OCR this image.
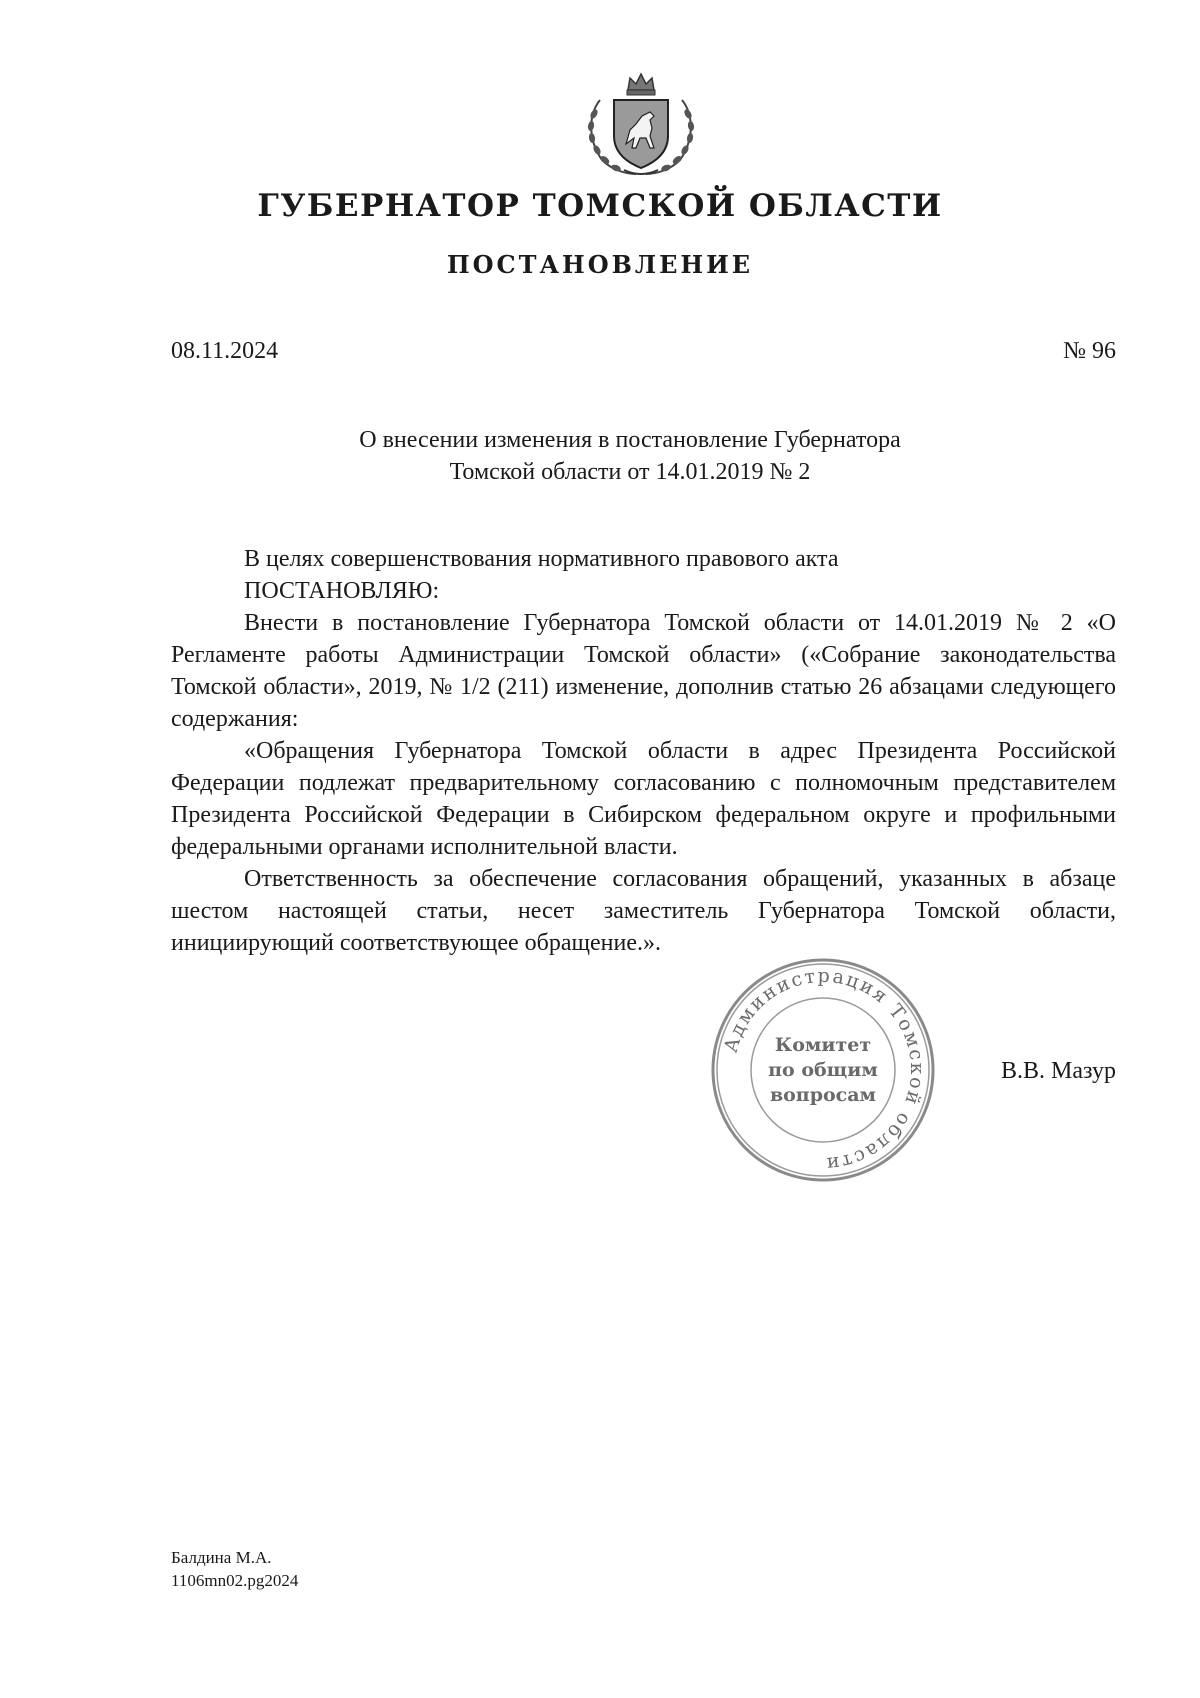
ГУБЕРНАТОР ТОМСКОЙ ОБЛАСТИ
ПОСТАНОВЛЕНИЕ
08.11.2024	№ 96
О внесении изменения в постановление Губернатора
Томской области от 14.01.2019 № 2

В целях совершенствования нормативного правового акта

ПОСТАНОВЛЯЮ:

Внести в постановление Губернатора Томской области от 14.01.2019 № 2 «О Регламенте работы Администрации Томской области» («Собрание законодательства Томской области», 2019, № 1/2 (211) изменение, дополнив статью 26 абзацами следующего содержания:

«Обращения Губернатора Томской области в адрес Президента Российской Федерации подлежат предварительному согласованию с полномочным представителем Президента Российской Федерации в Сибирском федеральном округе и профильными федеральными органами исполнительной власти.

Ответственность за обеспечение согласования обращений, указанных в абзаце шестом настоящей статьи, несет заместитель Губернатора Томской области, инициирующий соответствующее обращение.».

Администрация Томской области
Комитет
по общим
вопросам
В.В. Мазур
Балдина М.А.
1106mn02.pg2024
